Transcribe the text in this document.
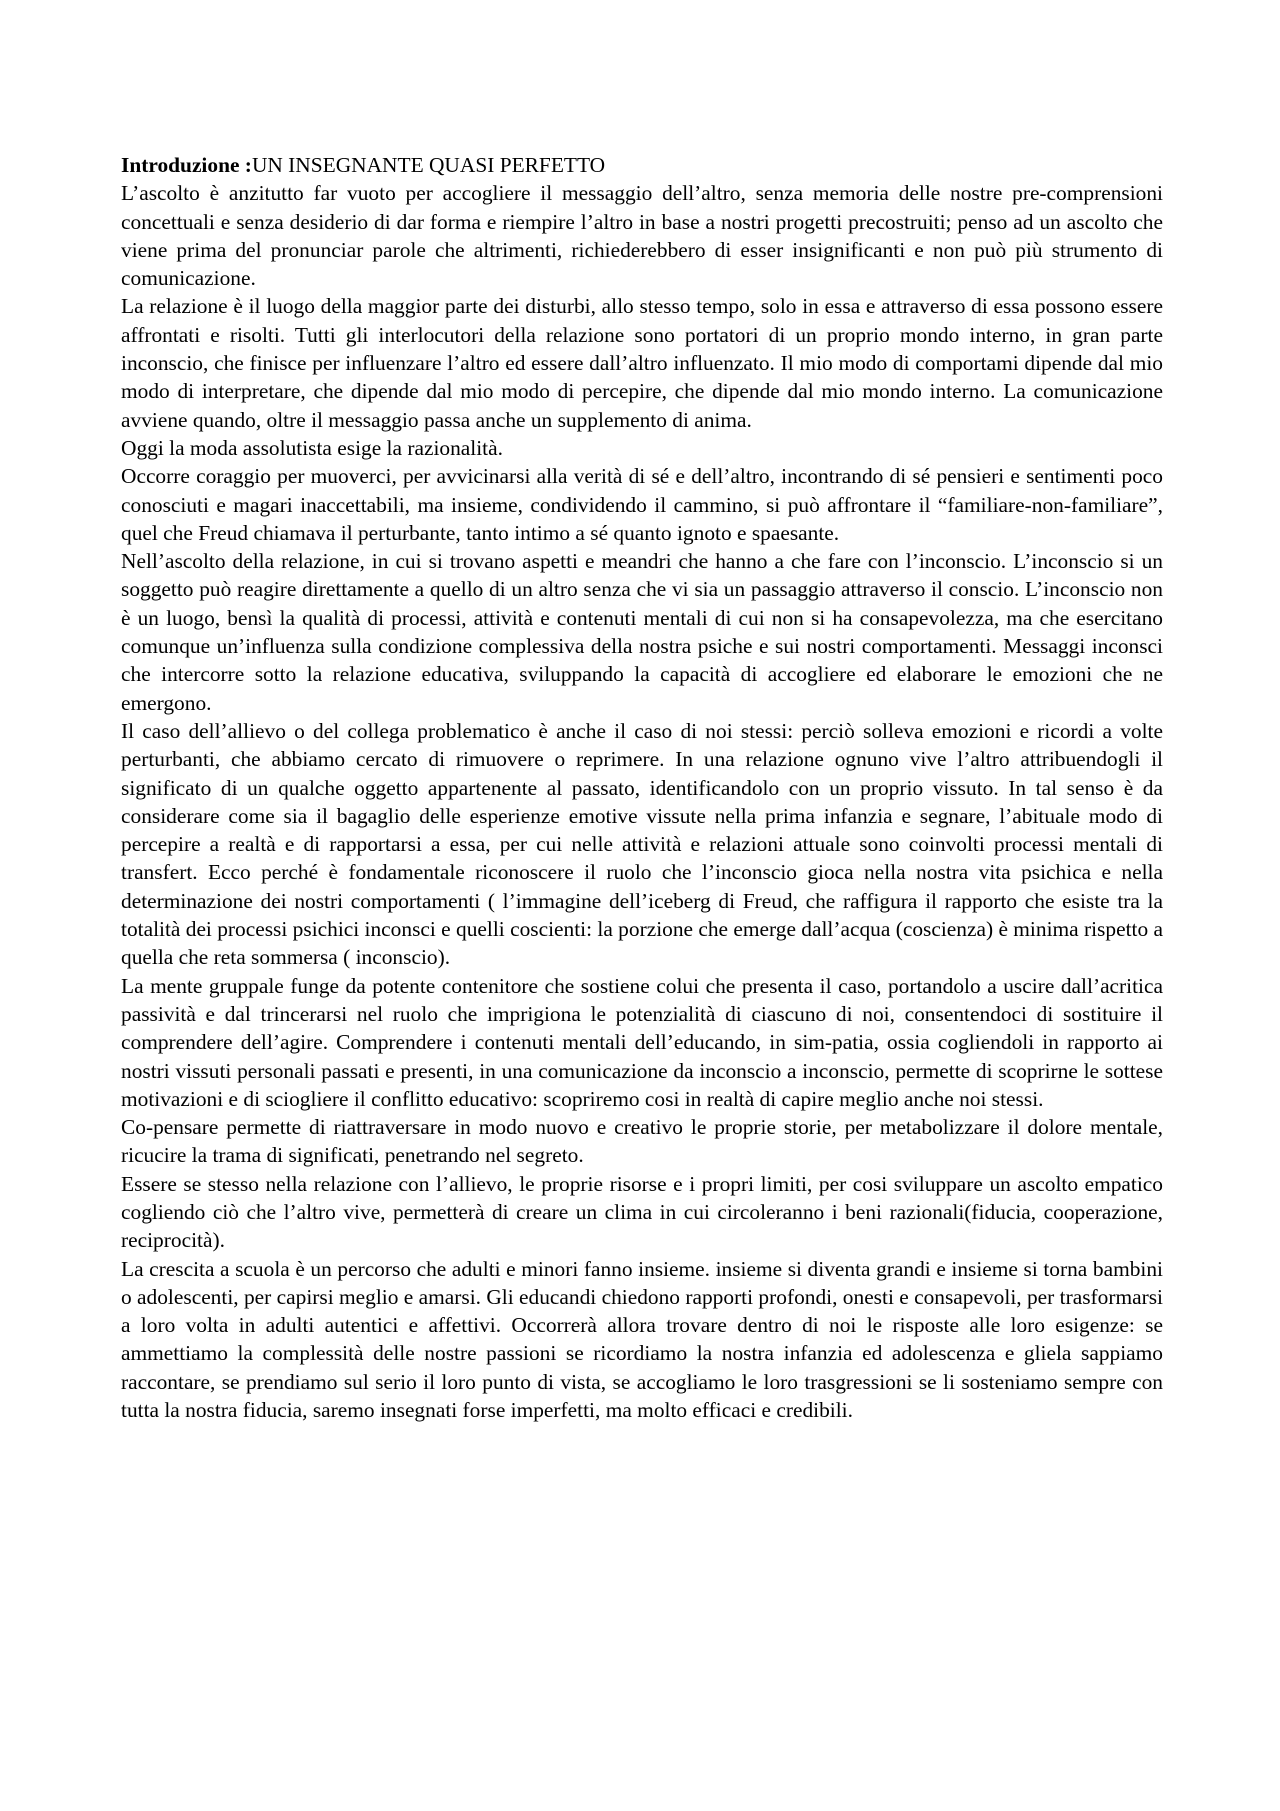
Introduzione :UN INSEGNANTE QUASI PERFETTO

L’ascolto è anzitutto far vuoto per accogliere il messaggio dell’altro, senza memoria delle nostre pre-comprensioni concettuali e senza desiderio di dar forma e riempire l’altro in base a nostri progetti precostruiti; penso ad un ascolto che viene prima del pronunciar parole che altrimenti, richiederebbero di esser insignificanti e non può più strumento di comunicazione.

La relazione è il luogo della maggior parte dei disturbi, allo stesso tempo, solo in essa e attraverso di essa possono essere affrontati e risolti. Tutti gli interlocutori della relazione sono portatori di un proprio mondo interno, in gran parte inconscio, che finisce per influenzare l’altro ed essere dall’altro influenzato. Il mio modo di comportami dipende dal mio modo di interpretare, che dipende dal mio modo di percepire, che dipende dal mio mondo interno. La comunicazione avviene quando, oltre il messaggio passa anche un supplemento di anima.

Oggi la moda assolutista esige la razionalità.

Occorre coraggio per muoverci, per avvicinarsi alla verità di sé e dell’altro, incontrando di sé pensieri e sentimenti poco conosciuti e magari inaccettabili, ma insieme, condividendo il cammino, si può affrontare il “familiare-non-familiare”, quel che Freud chiamava il perturbante, tanto intimo a sé quanto ignoto e spaesante.

Nell’ascolto della relazione, in cui si trovano aspetti e meandri che hanno a che fare con l’inconscio. L’inconscio si un soggetto può reagire direttamente a quello di un altro senza che vi sia un passaggio attraverso il conscio. L’inconscio non è un luogo, bensì la qualità di processi, attività e contenuti mentali di cui non si ha consapevolezza, ma che esercitano comunque un’influenza sulla condizione complessiva della nostra psiche e sui nostri comportamenti. Messaggi inconsci che intercorre sotto la relazione educativa, sviluppando la capacità di accogliere ed elaborare le emozioni che ne emergono.

Il caso dell’allievo o del collega problematico è anche il caso di noi stessi: perciò solleva emozioni e ricordi a volte perturbanti, che abbiamo cercato di rimuovere o reprimere. In una relazione ognuno vive l’altro attribuendogli il significato di un qualche oggetto appartenente al passato, identificandolo con un proprio vissuto. In tal senso è da considerare come sia il bagaglio delle esperienze emotive vissute nella prima infanzia e segnare, l’abituale modo di percepire a realtà e di rapportarsi a essa, per cui nelle attività e relazioni attuale sono coinvolti processi mentali di transfert. Ecco perché è fondamentale riconoscere il ruolo che l’inconscio gioca nella nostra vita psichica e nella determinazione dei nostri comportamenti ( l’immagine dell’iceberg di Freud, che raffigura il rapporto che esiste tra la totalità dei processi psichici inconsci e quelli coscienti: la porzione che emerge dall’acqua (coscienza) è minima rispetto a quella che reta sommersa ( inconscio).

La mente gruppale funge da potente contenitore che sostiene colui che presenta il caso, portandolo a uscire dall’acritica passività e dal trincerarsi nel ruolo che imprigiona le potenzialità di ciascuno di noi, consentendoci di sostituire il comprendere dell’agire. Comprendere i contenuti mentali dell’educando, in sim-patia, ossia cogliendoli in rapporto ai nostri vissuti personali passati e presenti, in una comunicazione da inconscio a inconscio, permette di scoprirne le sottese motivazioni e di sciogliere il conflitto educativo: scopriremo cosi in realtà di capire meglio anche noi stessi.

Co-pensare permette di riattraversare in modo nuovo e creativo le proprie storie, per metabolizzare il dolore mentale, ricucire la trama di significati, penetrando nel segreto.

Essere se stesso nella relazione con l’allievo, le proprie risorse e i propri limiti, per cosi sviluppare un ascolto empatico cogliendo ciò che l’altro vive, permetterà di creare un clima in cui circoleranno i beni razionali(fiducia, cooperazione, reciprocità).

La crescita a scuola è un percorso che adulti e minori fanno insieme. insieme si diventa grandi e insieme si torna bambini o adolescenti, per capirsi meglio e amarsi. Gli educandi chiedono rapporti profondi, onesti e consapevoli, per trasformarsi a loro volta in adulti autentici e affettivi. Occorrerà allora trovare dentro di noi le risposte alle loro esigenze: se ammettiamo la complessità delle nostre passioni se ricordiamo la nostra infanzia ed adolescenza e gliela sappiamo raccontare, se prendiamo sul serio il loro punto di vista, se accogliamo le loro trasgressioni se li sosteniamo sempre con tutta la nostra fiducia, saremo insegnati forse imperfetti, ma molto efficaci e credibili.
